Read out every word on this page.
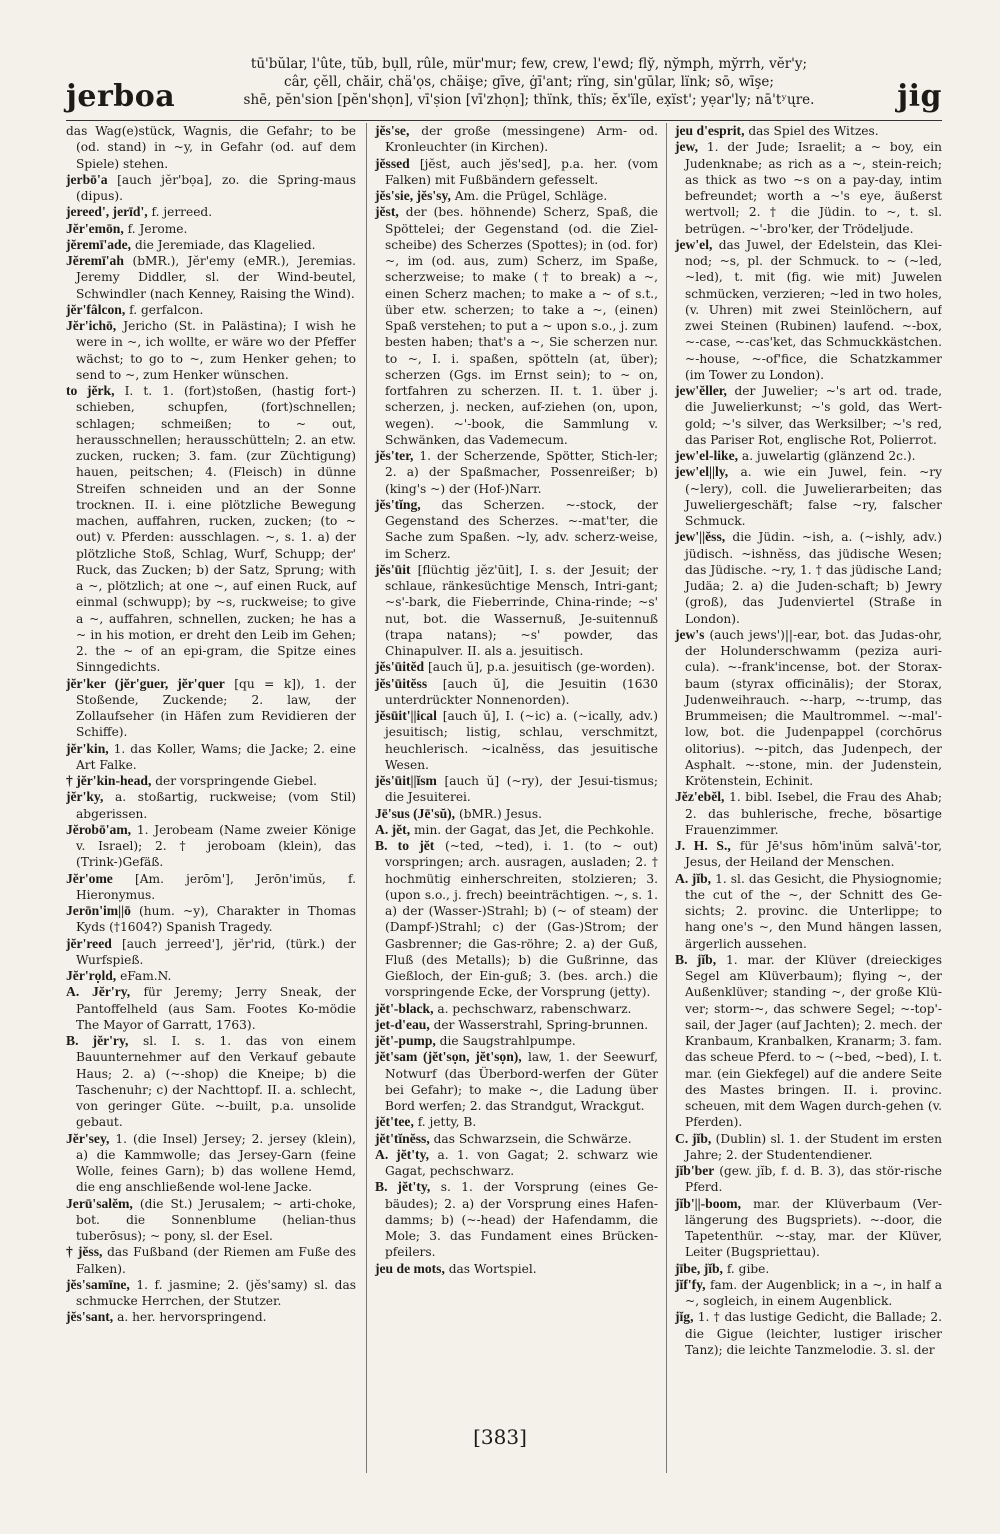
jerboa
tū'bŭlar, l'ûte, tŭb, bụll, rûle, mür'mur; few, crew, l'ewd; fly̆, ny̆mph, my̆rrh, vĕr'y;
câr, çĕll, chăir, chä'ọs, chäişe; gīve, ġī'ant; rïng, sin'gūlar, lïnk; sō, wīşe;
shē, pĕn'sion [pĕn'shọn], vī'ṣion [vī'zhọn]; thïnk, thïs; ĕx'ïle, ex̣ïst'; yẹar'ly; nā'tʸųre.	jig

das Wag(e)stück, Wagnis, die Gefahr; to be (od. stand) in ~y, in Gefahr (od. auf dem Spiele) stehen.

jerbō'a [auch jĕr'bọa], zo. die Spring-maus (dipus).

jereed', jerīd', f. jerreed.

Jĕr'emōn, f. Jerome.

jĕremī'ade, die Jeremiade, das Klagelied.

Jĕremī'ah (bMR.), Jĕr'emy (eMR.), Jeremias. Jeremy Diddler, sl. der Wind-beutel, Schwindler (nach Kenney, Raising the Wind).

jĕr'fâlcon, f. gerfalcon.

Jĕr'ichō, Jericho (St. in Palästina); I wish he were in ~, ich wollte, er wäre wo der Pfeffer wächst; to go to ~, zum Henker gehen; to send to ~, zum Henker wünschen.

to jĕrk, I. t. 1. (fort)stoßen, (hastig fort-) schieben, schupfen, (fort)schnellen; schlagen; schmeißen; to ~ out, herausschnellen; herausschütteln; 2. an etw. zucken, rucken; 3. fam. (zur Züchtigung) hauen, peitschen; 4. (Fleisch) in dünne Streifen schneiden und an der Sonne trocknen. II. i. eine plötzliche Bewegung machen, auffahren, rucken, zucken; (to ~ out) v. Pferden: ausschlagen. ~, s. 1. a) der plötzliche Stoß, Schlag, Wurf, Schupp; der' Ruck, das Zucken; b) der Satz, Sprung; with a ~, plötzlich; at one ~, auf einen Ruck, auf einmal (schwupp); by ~s, ruckweise; to give a ~, auffahren, schnellen, zucken; he has a ~ in his motion, er dreht den Leib im Gehen; 2. the ~ of an epi-gram, die Spitze eines Sinngedichts.

jĕr'ker (jĕr'guer, jĕr'quer [qu = k]), 1. der Stoßende, Zuckende; 2. law, der Zollaufseher (in Häfen zum Revidieren der Schiffe).

jĕr'kin, 1. das Koller, Wams; die Jacke; 2. eine Art Falke.

† jĕr'kin-head, der vorspringende Giebel.

jĕr'ky, a. stoßartig, ruckweise; (vom Stil) abgerissen.

Jĕrobō'am, 1. Jerobeam (Name zweier Könige v. Israel); 2. † jeroboam (klein), das (Trink-)Gefäß.

Jĕr'ome [Am. jerōm'], Jerōn'imŭs, f. Hieronymus.

Jerōn'im||ō (hum. ~y), Charakter in Thomas Kyds (†1604?) Spanish Tragedy.

jĕr'reed [auch jerreed'], jĕr'rid, (türk.) der Wurfspieß.

Jĕr'rọld, eFam.N.

A. Jĕr'ry, für Jeremy; Jerry Sneak, der Pantoffelheld (aus Sam. Footes Ko-mödie The Mayor of Garratt, 1763).

B. jĕr'ry, sl. I. s. 1. das von einem Bauunternehmer auf den Verkauf gebaute Haus; 2. a) (~-shop) die Kneipe; b) die Taschenuhr; c) der Nachttopf. II. a. schlecht, von geringer Güte. ~-built, p.a. unsolide gebaut.

Jĕr'sey, 1. (die Insel) Jersey; 2. jersey (klein), a) die Kammwolle; das Jersey-Garn (feine Wolle, feines Garn); b) das wollene Hemd, die eng anschließende wol-lene Jacke.

Jerū'salĕm, (die St.) Jerusalem; ~ arti-choke, bot. die Sonnenblume (helian-thus tuberōsus); ~ pony, sl. der Esel.

† jĕss, das Fußband (der Riemen am Fuße des Falken).

jĕs'samīne, 1. f. jasmine; 2. (jĕs'samy) sl. das schmucke Herrchen, der Stutzer.

jĕs'sant, a. her. hervorspringend.

jĕs'se, der große (messingene) Arm- od. Kronleuchter (in Kirchen).

jĕssed [jĕst, auch jĕs'sed], p.a. her. (vom Falken) mit Fußbändern gefesselt.

jĕs'sie, jĕs'sy, Am. die Prügel, Schläge.

jĕst, der (bes. höhnende) Scherz, Spaß, die Spöttelei; der Gegenstand (od. die Ziel-scheibe) des Scherzes (Spottes); in (od. for) ~, im (od. aus, zum) Scherz, im Spaße, scherzweise; to make († to break) a ~, einen Scherz machen; to make a ~ of s.t., über etw. scherzen; to take a ~, (einen) Spaß verstehen; to put a ~ upon s.o., j. zum besten haben; that's a ~, Sie scherzen nur. to ~, I. i. spaßen, spötteln (at, über); scherzen (Ggs. im Ernst sein); to ~ on, fortfahren zu scherzen. II. t. 1. über j. scherzen, j. necken, auf-ziehen (on, upon, wegen). ~'-book, die Sammlung v. Schwänken, das Vademecum.

jĕs'ter, 1. der Scherzende, Spötter, Stich-ler; 2. a) der Spaßmacher, Possenreißer; b) (king's ~) der (Hof-)Narr.

jĕs'tĭng, das Scherzen. ~-stock, der Gegenstand des Scherzes. ~-mat'ter, die Sache zum Spaßen. ~ly, adv. scherz-weise, im Scherz.

jĕs'ūit [flüchtig jĕz'ūit], I. s. der Jesuit; der schlaue, ränkesüchtige Mensch, Intri-gant; ~s'-bark, die Fieberrinde, China-rinde; ~s' nut, bot. die Wassernuß, Je-suitennuß (trapa natans); ~s' powder, das Chinapulver. II. als a. jesuitisch.

jĕs'ūitĕd [auch ŭ], p.a. jesuitisch (ge-worden).

jĕs'ūitĕss [auch ŭ], die Jesuitin (1630 unterdrückter Nonnenorden).

jĕsūit'||ical [auch ŭ], I. (~ic) a. (~ically, adv.) jesuitisch; listig, schlau, verschmitzt, heuchlerisch. ~icalnĕss, das jesuitische Wesen.

jĕs'ūit||ĭsm [auch ŭ] (~ry), der Jesui-tismus; die Jesuiterei.

Jē'sus (Jē'sŭ), (bMR.) Jesus.

A. jĕt, min. der Gagat, das Jet, die Pechkohle.

B. to jĕt (~ted, ~ted), i. 1. (to ~ out) vorspringen; arch. ausragen, ausladen; 2. † hochmütig einherschreiten, stolzieren; 3. (upon s.o., j. frech) beeinträchtigen. ~, s. 1. a) der (Wasser-)Strahl; b) (~ of steam) der (Dampf-)Strahl; c) der (Gas-)Strom; der Gasbrenner; die Gas-röhre; 2. a) der Guß, Fluß (des Metalls); b) die Gußrinne, das Gießloch, der Ein-guß; 3. (bes. arch.) die vorspringende Ecke, der Vorsprung (jetty).

jĕt'-black, a. pechschwarz, rabenschwarz.

jet-d'eau, der Wasserstrahl, Spring-brunnen.

jĕt'-pump, die Saugstrahlpumpe.

jĕt'sam (jĕt'sọn, jĕt'sọn), law, 1. der Seewurf, Notwurf (das Überbord-werfen der Güter bei Gefahr); to make ~, die Ladung über Bord werfen; 2. das Strandgut, Wrackgut.

jĕt'tee, f. jetty, B.

jĕt'tĭnĕss, das Schwarzsein, die Schwärze.

A. jĕt'ty, a. 1. von Gagat; 2. schwarz wie Gagat, pechschwarz.

B. jĕt'ty, s. 1. der Vorsprung (eines Ge-bäudes); 2. a) der Vorsprung eines Hafen-damms; b) (~-head) der Hafendamm, die Mole; 3. das Fundament eines Brücken-pfeilers.

jeu de mots, das Wortspiel.

jeu d'esprit, das Spiel des Witzes.

jew, 1. der Jude; Israelit; a ~ boy, ein Judenknabe; as rich as a ~, stein-reich; as thick as two ~s on a pay-day, intim befreundet; worth a ~'s eye, äußerst wertvoll; 2. † die Jüdin. to ~, t. sl. betrügen. ~'-bro'ker, der Trödeljude.

jew'el, das Juwel, der Edelstein, das Klei-nod; ~s, pl. der Schmuck. to ~ (~led, ~led), t. mit (fig. wie mit) Juwelen schmücken, verzieren; ~led in two holes, (v. Uhren) mit zwei Steinlöchern, auf zwei Steinen (Rubinen) laufend. ~-box, ~-case, ~-cas'ket, das Schmuckkästchen. ~-house, ~-of'fice, die Schatzkammer (im Tower zu London).

jew'ĕller, der Juwelier; ~'s art od. trade, die Juwelierkunst; ~'s gold, das Wert-gold; ~'s silver, das Werksilber; ~'s red, das Pariser Rot, englische Rot, Polierrot.

jew'el-like, a. juwelartig (glänzend 2c.).

jew'el||ly, a. wie ein Juwel, fein. ~ry (~lery), coll. die Juwelierarbeiten; das Juweliergeschäft; false ~ry, falscher Schmuck.

jew'||ĕss, die Jüdin. ~ish, a. (~ishly, adv.) jüdisch. ~ishnĕss, das jüdische Wesen; das Jüdische. ~ry, 1. † das jüdische Land; Judäa; 2. a) die Juden-schaft; b) Jewry (groß), das Judenviertel (Straße in London).

jew's (auch jews')||-ear, bot. das Judas-ohr, der Holunderschwamm (peziza auri-cula). ~-frank'incense, bot. der Storax-baum (styrax officinālis); der Storax, Judenweihrauch. ~-harp, ~-trump, das Brummeisen; die Maultrommel. ~-mal'-low, bot. die Judenpappel (corchōrus olitorius). ~-pitch, das Judenpech, der Asphalt. ~-stone, min. der Judenstein, Krötenstein, Echinit.

Jĕz'ebĕl, 1. bibl. Isebel, die Frau des Ahab; 2. das buhlerische, freche, bösartige Frauenzimmer.

J. H. S., für Jē'sus hōm'inŭm salvā'-tor, Jesus, der Heiland der Menschen.

A. jĭb, 1. sl. das Gesicht, die Physiognomie; the cut of the ~, der Schnitt des Ge-sichts; 2. provinc. die Unterlippe; to hang one's ~, den Mund hängen lassen, ärgerlich aussehen.

B. jĭb, 1. mar. der Klüver (dreieckiges Segel am Klüverbaum); flying ~, der Außenklüver; standing ~, der große Klü-ver; storm-~, das schwere Segel; ~-top'-sail, der Jager (auf Jachten); 2. mech. der Kranbaum, Kranbalken, Kranarm; 3. fam. das scheue Pferd. to ~ (~bed, ~bed), I. t. mar. (ein Giekfegel) auf die andere Seite des Mastes bringen. II. i. provinc. scheuen, mit dem Wagen durch-gehen (v. Pferden).

C. jĭb, (Dublin) sl. 1. der Student im ersten Jahre; 2. der Studentendiener.

jĭb'ber (gew. jĭb, f. d. B. 3), das stör-rische Pferd.

jĭb'||-boom, mar. der Klüverbaum (Ver-längerung des Bugspriets). ~-door, die Tapetenthür. ~-stay, mar. der Klüver, Leiter (Bugspriettau).

jībe, jĭb, f. gibe.

jĭf'fy, fam. der Augenblick; in a ~, in half a ~, sogleich, in einem Augenblick.

jĭg, 1. † das lustige Gedicht, die Ballade; 2. die Gigue (leichter, lustiger irischer Tanz); die leichte Tanzmelodie. 3. sl. der

[383]
